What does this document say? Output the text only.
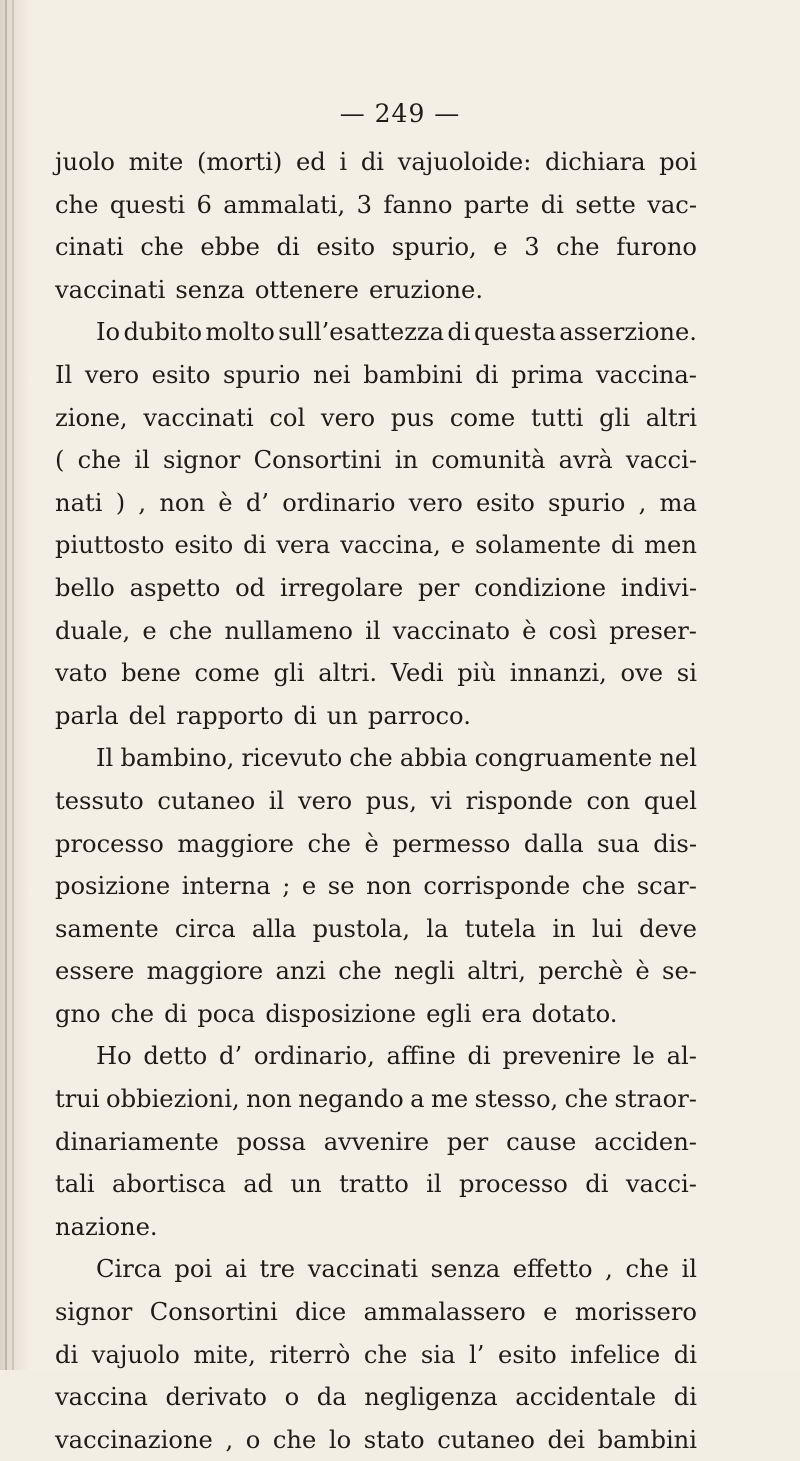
— 249 —
juolo mite (morti) ed i di vajuoloide: dichiara poi
che questi 6 ammalati, 3 fanno parte di sette vac-
cinati che ebbe di esito spurio, e 3 che furono
vaccinati senza ottenere eruzione.
Io dubito molto sull’esattezza di questa asserzione.
Il vero esito spurio nei bambini di prima vaccina-
zione, vaccinati col vero pus come tutti gli altri
( che il signor Consortini in comunità avrà vacci-
nati ) , non è d’ ordinario vero esito spurio , ma
piuttosto esito di vera vaccina, e solamente di men
bello aspetto od irregolare per condizione indivi-
duale, e che nullameno il vaccinato è così preser-
vato bene come gli altri. Vedi più innanzi, ove si
parla del rapporto di un parroco.
Il bambino, ricevuto che abbia congruamente nel
tessuto cutaneo il vero pus, vi risponde con quel
processo maggiore che è permesso dalla sua dis-
posizione interna ; e se non corrisponde che scar-
samente circa alla pustola, la tutela in lui deve
essere maggiore anzi che negli altri, perchè è se-
gno che di poca disposizione egli era dotato.
Ho detto d’ ordinario, affine di prevenire le al-
trui obbiezioni, non negando a me stesso, che straor-
dinariamente possa avvenire per cause acciden-
tali abortisca ad un tratto il processo di vacci-
nazione.
Circa poi ai tre vaccinati senza effetto , che il
signor Consortini dice ammalassero e morissero
di vajuolo mite, riterrò che sia l’ esito infelice di
vaccina derivato o da negligenza accidentale di
vaccinazione , o che lo stato cutaneo dei bambini
